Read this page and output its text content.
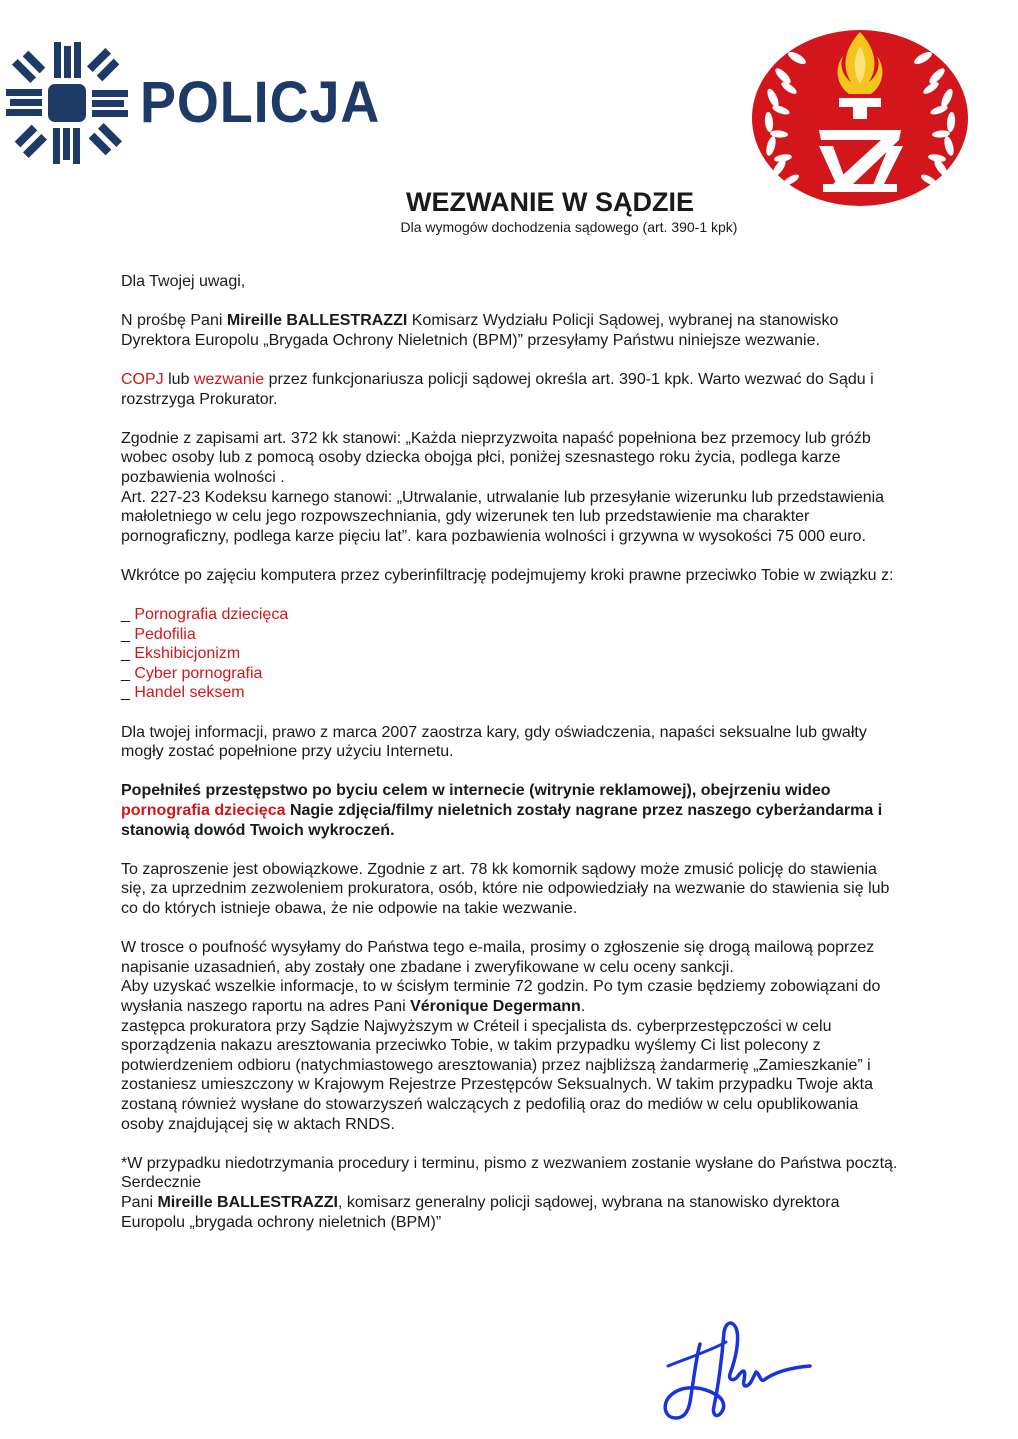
POLICJA
WEZWANIE W SĄDZIE
Dla wymogów dochodzenia sądowego (art. 390-1 kpk)

Dla Twojej uwagi,

N prośbę Pani Mireille BALLESTRAZZI Komisarz Wydziału Policji Sądowej, wybranej na stanowisko Dyrektora Europolu „Brygada Ochrony Nieletnich (BPM)” przesyłamy Państwu niniejsze wezwanie.

COPJ lub wezwanie przez funkcjonariusza policji sądowej określa art. 390-1 kpk. Warto wezwać do Sądu i rozstrzyga Prokurator.

Zgodnie z zapisami art. 372 kk stanowi: „Każda nieprzyzwoita napaść popełniona bez przemocy lub gróźb wobec osoby lub z pomocą osoby dziecka obojga płci, poniżej szesnastego roku życia, podlega karze pozbawienia wolności .

Art. 227-23 Kodeksu karnego stanowi: „Utrwalanie, utrwalanie lub przesyłanie wizerunku lub przedstawienia małoletniego w celu jego rozpowszechniania, gdy wizerunek ten lub przedstawienie ma charakter pornograficzny, podlega karze pięciu lat”. kara pozbawienia wolności i grzywna w wysokości 75 000 euro.

Wkrótce po zajęciu komputera przez cyberinfiltrację podejmujemy kroki prawne przeciwko Tobie w związku z:

_ Pornografia dziecięca
_ Pedofilia
_ Ekshibicjonizm
_ Cyber pornografia
_ Handel seksem

Dla twojej informacji, prawo z marca 2007 zaostrza kary, gdy oświadczenia, napaści seksualne lub gwałty mogły zostać popełnione przy użyciu Internetu.

Popełniłeś przestępstwo po byciu celem w internecie (witrynie reklamowej), obejrzeniu wideo pornografia dziecięca Nagie zdjęcia/filmy nieletnich zostały nagrane przez naszego cyberżandarma i stanowią dowód Twoich wykroczeń.

To zaproszenie jest obowiązkowe. Zgodnie z art. 78 kk komornik sądowy może zmusić policję do stawienia się, za uprzednim zezwoleniem prokuratora, osób, które nie odpowiedziały na wezwanie do stawienia się lub co do których istnieje obawa, że nie odpowie na takie wezwanie.

W trosce o poufność wysyłamy do Państwa tego e-maila, prosimy o zgłoszenie się drogą mailową poprzez napisanie uzasadnień, aby zostały one zbadane i zweryfikowane w celu oceny sankcji.

Aby uzyskać wszelkie informacje, to w ścisłym terminie 72 godzin. Po tym czasie będziemy zobowiązani do wysłania naszego raportu na adres Pani Véronique Degermann.

zastępca prokuratora przy Sądzie Najwyższym w Créteil i specjalista ds. cyberprzestępczości w celu sporządzenia nakazu aresztowania przeciwko Tobie, w takim przypadku wyślemy Ci list polecony z potwierdzeniem odbioru (natychmiastowego aresztowania) przez najbliższą żandarmerię „Zamieszkanie” i zostaniesz umieszczony w Krajowym Rejestrze Przestępców Seksualnych. W takim przypadku Twoje akta zostaną również wysłane do stowarzyszeń walczących z pedofilią oraz do mediów w celu opublikowania osoby znajdującej się w aktach RNDS.

*W przypadku niedotrzymania procedury i terminu, pismo z wezwaniem zostanie wysłane do Państwa pocztą.

Serdecznie

Pani Mireille BALLESTRAZZI, komisarz generalny policji sądowej, wybrana na stanowisko dyrektora Europolu „brygada ochrony nieletnich (BPM)”
